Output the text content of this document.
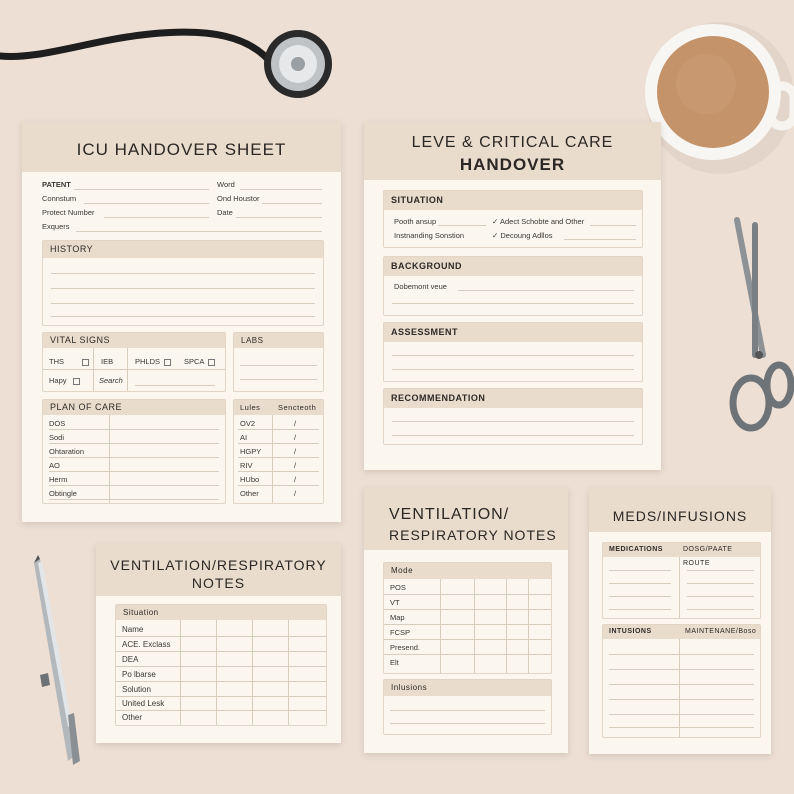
ICU HANDOVER SHEET
PATENT	Word
Connstum	Ond Houstor
Protect Number	Date
Exquers
HISTORY
VITAL SIGNS
THS	IEB	PHLDS	SPCA
Hapy	Search
LABS
PLAN OF CARE
DOS
Sodi
Ohtaration
AO
Herm
Obtingle
Lules Sencteoth
OV2	/
AI	/
HGPY	/
RIV	/
HUbo	/
Other	/
LEVE & CRITICAL CARE
HANDOVER
SITUATION
Pooth ansup	✓ Adect Schobte and Other
Instnanding Sonstion	✓ Decoung Adllos
BACKGROUND
Dobemont veue
ASSESSMENT
RECOMMENDATION
VENTILATION/RESPIRATORY
NOTES
Situation
Name
ACE. Exclass
DEA
Po lbarse
Solution
United Lesk
Other
VENTILATION/
RESPIRATORY NOTES
Mode
POS
VT
Map
FCSP
Presend.
Elt
Inlusions
MEDS/INFUSIONS
MEDICATIONS	DOSG/PAATE ROUTE
INTUSIONS	MAINTENANE/Boso
